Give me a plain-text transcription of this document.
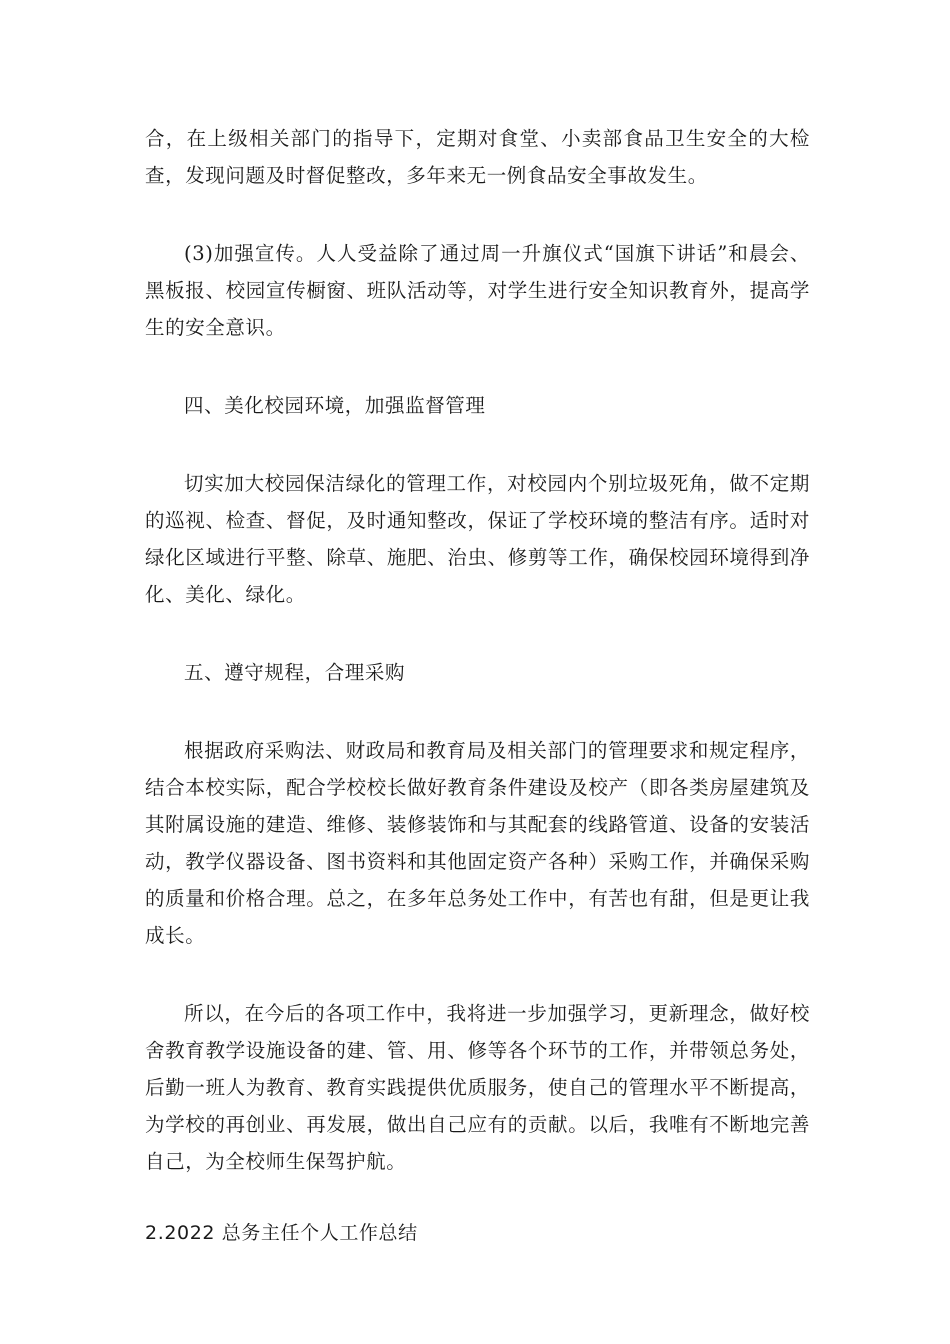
合，在上级相关部门的指导下，定期对食堂、小卖部食品卫生安全的大检查，发现问题及时督促整改，多年来无一例食品安全事故发生。

(3)加强宣传。人人受益除了通过周一升旗仪式“国旗下讲话”和晨会、黑板报、校园宣传橱窗、班队活动等，对学生进行安全知识教育外，提高学生的安全意识。

四、美化校园环境，加强监督管理

切实加大校园保洁绿化的管理工作，对校园内个别垃圾死角，做不定期的巡视、检查、督促，及时通知整改，保证了学校环境的整洁有序。适时对绿化区域进行平整、除草、施肥、治虫、修剪等工作，确保校园环境得到净化、美化、绿化。

五、遵守规程，合理采购

根据政府采购法、财政局和教育局及相关部门的管理要求和规定程序，结合本校实际，配合学校校长做好教育条件建设及校产（即各类房屋建筑及其附属设施的建造、维修、装修装饰和与其配套的线路管道、设备的安装活动，教学仪器设备、图书资料和其他固定资产各种）采购工作，并确保采购的质量和价格合理。总之，在多年总务处工作中，有苦也有甜，但是更让我成长。

所以，在今后的各项工作中，我将进一步加强学习，更新理念，做好校舍教育教学设施设备的建、管、用、修等各个环节的工作，并带领总务处，后勤一班人为教育、教育实践提供优质服务，使自己的管理水平不断提高，为学校的再创业、再发展，做出自己应有的贡献。以后，我唯有不断地完善自己，为全校师生保驾护航。

2.2022 总务主任个人工作总结
